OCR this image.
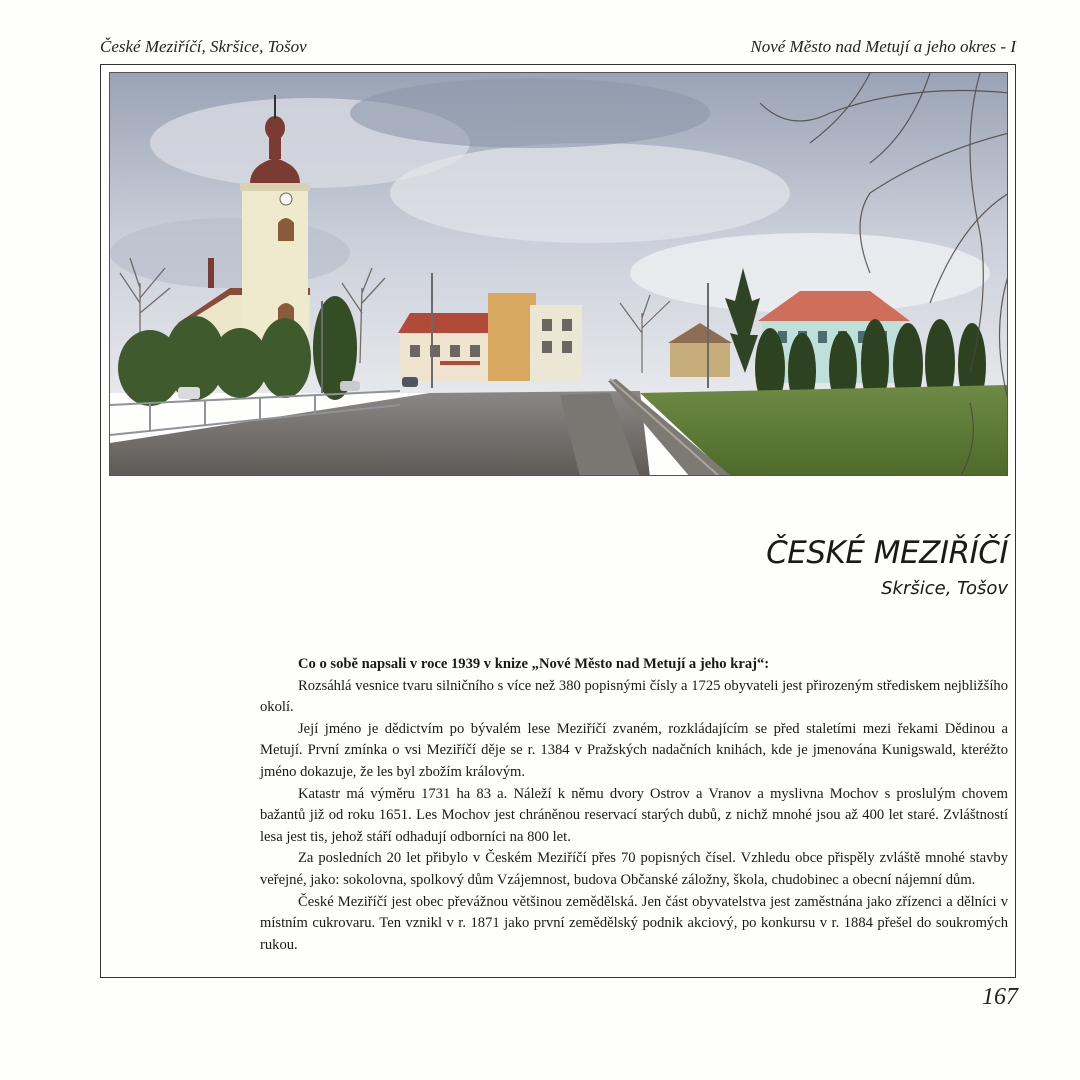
České Meziříčí, Skršice, Tošov	Nové Město nad Metují a jeho okres - I
ČESKÉ MEZIŘÍČÍ
Skršice, Tošov

Co o sobě napsali v roce 1939 v knize „Nové Město nad Metují a jeho kraj“:

Rozsáhlá vesnice tvaru silničního s více než 380 popisnými čísly a 1725 obyvateli jest přirozeným střediskem nejbližšího okolí.

Její jméno je dědictvím po bývalém lese Meziříčí zvaném, rozkládajícím se před staletími mezi řekami Dědinou a Metují. První zmínka o vsi Meziříčí děje se r. 1384 v Pražských nadačních knihách, kde je jmenována Kunigswald, kteréžto jméno dokazuje, že les byl zbožím královým.

Katastr má výměru 1731 ha 83 a. Náleží k němu dvory Ostrov a Vranov a myslivna Mochov s proslulým chovem bažantů již od roku 1651. Les Mochov jest chráněnou reservací starých dubů, z nichž mnohé jsou až 400 let staré. Zvláštností lesa jest tis, jehož stáří odhadují odborníci na 800 let.

Za posledních 20 let přibylo v Českém Meziříčí přes 70 popisných čísel. Vzhledu obce přispěly zvláště mnohé stavby veřejné, jako: sokolovna, spolkový dům Vzájemnost, budova Občanské záložny, škola, chudobinec a obecní nájemní dům.

České Meziříčí jest obec převážnou většinou zemědělská. Jen část obyvatelstva jest zaměstnána jako zřízenci a dělníci v místním cukrovaru. Ten vznikl v r. 1871 jako první zemědělský podnik akciový, po konkursu v r. 1884 přešel do soukromých rukou.

167
